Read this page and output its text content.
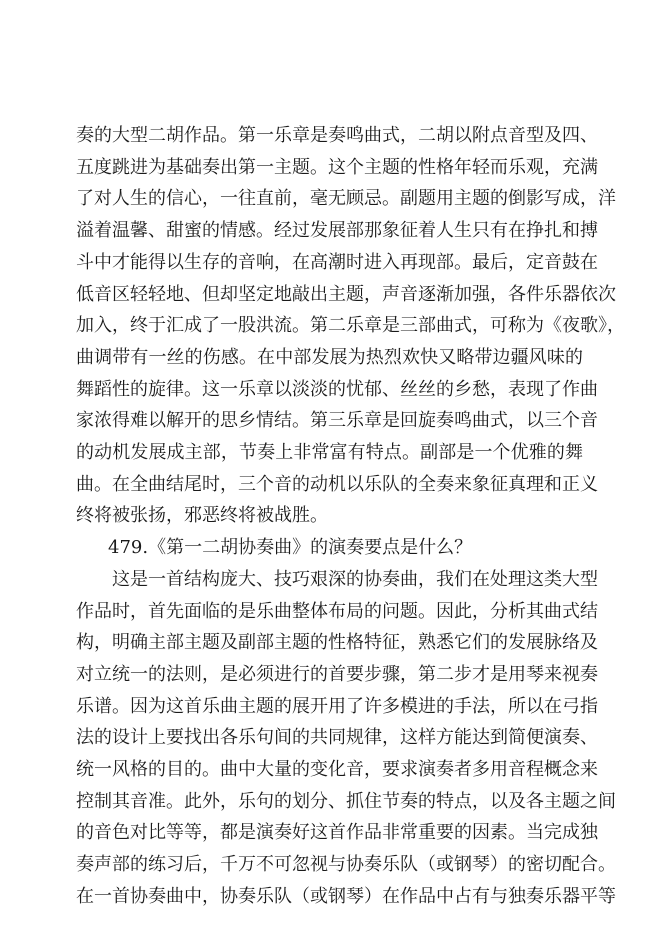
奏的大型二胡作品。第一乐章是奏鸣曲式，二胡以附点音型及四、
五度跳进为基础奏出第一主题。这个主题的性格年轻而乐观，充满
了对人生的信心，一往直前，毫无顾忌。副题用主题的倒影写成，洋
溢着温馨、甜蜜的情感。经过发展部那象征着人生只有在挣扎和搏
斗中才能得以生存的音响，在高潮时进入再现部。最后，定音鼓在
低音区轻轻地、但却坚定地敲出主题，声音逐渐加强，各件乐器依次
加入，终于汇成了一股洪流。第二乐章是三部曲式，可称为《夜歌》，
曲调带有一丝的伤感。在中部发展为热烈欢快又略带边疆风味的
舞蹈性的旋律。这一乐章以淡淡的忧郁、丝丝的乡愁，表现了作曲
家浓得难以解开的思乡情结。第三乐章是回旋奏鸣曲式，以三个音
的动机发展成主部，节奏上非常富有特点。副部是一个优雅的舞
曲。在全曲结尾时，三个音的动机以乐队的全奏来象征真理和正义
终将被张扬，邪恶终将被战胜。
479.《第一二胡协奏曲》的演奏要点是什么？
这是一首结构庞大、技巧艰深的协奏曲，我们在处理这类大型
作品时，首先面临的是乐曲整体布局的问题。因此，分析其曲式结
构，明确主部主题及副部主题的性格特征，熟悉它们的发展脉络及
对立统一的法则，是必须进行的首要步骤，第二步才是用琴来视奏
乐谱。因为这首乐曲主题的展开用了许多模进的手法，所以在弓指
法的设计上要找出各乐句间的共同规律，这样方能达到简便演奏、
统一风格的目的。曲中大量的变化音，要求演奏者多用音程概念来
控制其音准。此外，乐句的划分、抓住节奏的特点，以及各主题之间
的音色对比等等，都是演奏好这首作品非常重要的因素。当完成独
奏声部的练习后，千万不可忽视与协奏乐队（或钢琴）的密切配合。
在一首协奏曲中，协奏乐队（或钢琴）在作品中占有与独奏乐器平等
